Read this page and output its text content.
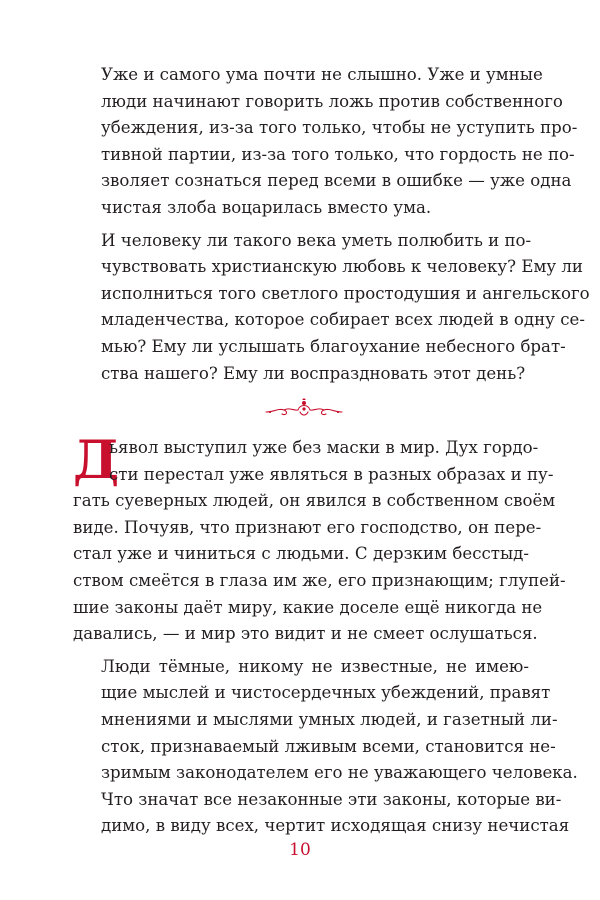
Уже и самого ума почти не слышно. Уже и умные
люди начинают говорить ложь против собственного
убеждения, из-за того только, чтобы не уступить про-
тивной партии, из-за того только, что гордость не по-
зволяет сознаться перед всеми в ошибке — уже одна
чистая злоба воцарилась вместо ума.

И человеку ли такого века уметь полюбить и по-
чувствовать христианскую любовь к человеку? Ему ли
исполниться того светлого простодушия и ангельского
младенчества, которое собирает всех людей в одну се-
мью? Ему ли услышать благоухание небесного брат-
ства нашего? Ему ли воспраздновать этот день?

Д

ьявол выступил уже без маски в мир. Дух гордо-
сти перестал уже являться в разных образах и пу-
гать суеверных людей, он явился в собственном своём
виде. Почуяв, что признают его господство, он пере-
стал уже и чиниться с людьми. С дерзким бесстыд-
ством смеётся в глаза им же, его признающим; глупей-
шие законы даёт миру, какие доселе ещё никогда не
давались, — и мир это видит и не смеет ослушаться.

Люди тёмные, никому не известные, не имею-
щие мыслей и чистосердечных убеждений, правят
мнениями и мыслями умных людей, и газетный ли-
сток, признаваемый лживым всеми, становится не-
зримым законодателем его не уважающего человека.
Что значат все незаконные эти законы, которые ви-
димо, в виду всех, чертит исходящая снизу нечистая

10
